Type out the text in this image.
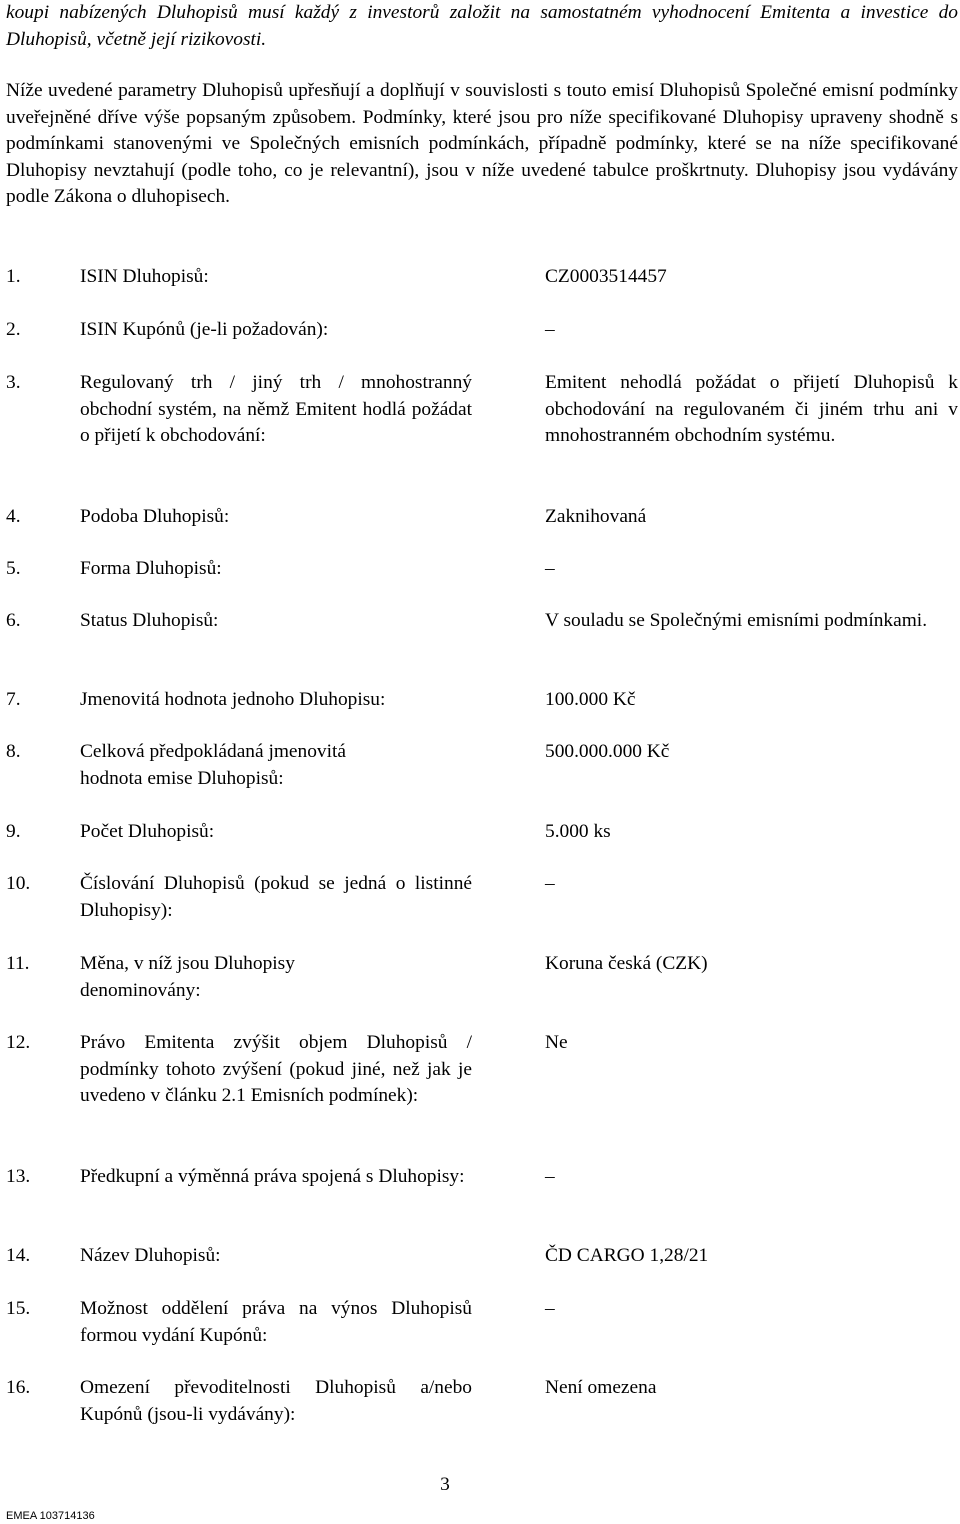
koupi nabízených Dluhopisů musí každý z investorů založit na samostatném vyhodnocení Emitenta a investice do Dluhopisů, včetně její rizikovosti.
Níže uvedené parametry Dluhopisů upřesňují a doplňují v souvislosti s touto emisí Dluhopisů Společné emisní podmínky uveřejněné dříve výše popsaným způsobem. Podmínky, které jsou pro níže specifikované Dluhopisy upraveny shodně s podmínkami stanovenými ve Společných emisních podmínkách, případně podmínky, které se na níže specifikované Dluhopisy nevztahují (podle toho, co je relevantní), jsou v níže uvedené tabulce proškrtnuty. Dluhopisy jsou vydávány podle Zákona o dluhopisech.
1.	ISIN Dluhopisů:	CZ0003514457
2.	ISIN Kupónů (je-li požadován):	–
3.	Regulovaný trh / jiný trh / mnohostranný obchodní systém, na němž Emitent hodlá požádat o přijetí k obchodování:
Emitent nehodlá požádat o přijetí Dluhopisů k obchodování na regulovaném či jiném trhu ani v mnohostranném obchodním systému.
4.	Podoba Dluhopisů:	Zaknihovaná
5.	Forma Dluhopisů:	–
6.	Status Dluhopisů:	V souladu se Společnými emisními podmínkami.
7.	Jmenovitá hodnota jednoho Dluhopisu:	100.000 Kč
8.	Celková předpokládaná jmenovitá hodnota emise Dluhopisů:
500.000.000 Kč
9.	Počet Dluhopisů:	5.000 ks
10.	Číslování Dluhopisů (pokud se jedná o listinné Dluhopisy):
–
11.	Měna, v níž jsou Dluhopisy denominovány:
Koruna česká (CZK)
12.	Právo Emitenta zvýšit objem Dluhopisů / podmínky tohoto zvýšení (pokud jiné, než jak je uvedeno v článku 2.1 Emisních podmínek):
Ne
13.	Předkupní a výměnná práva spojená s Dluhopisy:	–
14.	Název Dluhopisů:	ČD CARGO 1,28/21
15.	Možnost oddělení práva na výnos Dluhopisů formou vydání Kupónů:
–
16.	Omezení převoditelnosti Dluhopisů a/nebo Kupónů (jsou-li vydávány):
Není omezena
3
EMEA 103714136
